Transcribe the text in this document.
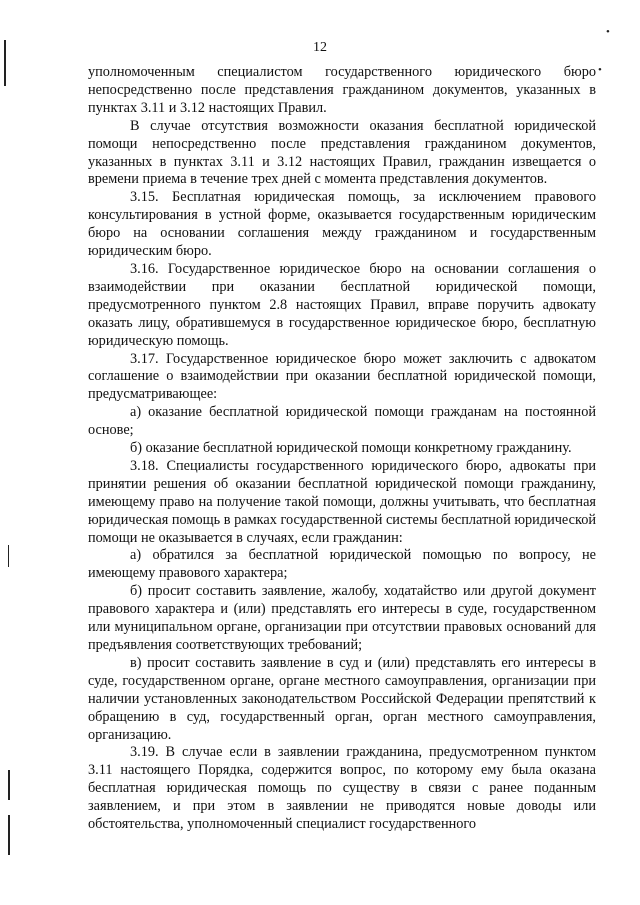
12

уполномоченным специалистом государственного юридического бюро непосредственно после представления гражданином документов, указанных в пунктах 3.11 и 3.12 настоящих Правил.

В случае отсутствия возможности оказания бесплатной юридической помощи непосредственно после представления гражданином документов, указанных в пунктах 3.11 и 3.12 настоящих Правил, гражданин извещается о времени приема в течение трех дней с момента представления документов.

3.15. Бесплатная юридическая помощь, за исключением правового консультирования в устной форме, оказывается государственным юридическим бюро на основании соглашения между гражданином и государственным юридическим бюро.

3.16. Государственное юридическое бюро на основании соглашения о взаимодействии при оказании бесплатной юридической помощи, предусмотренного пунктом 2.8 настоящих Правил, вправе поручить адвокату оказать лицу, обратившемуся в государственное юридическое бюро, бесплатную юридическую помощь.

3.17. Государственное юридическое бюро может заключить с адвокатом соглашение о взаимодействии при оказании бесплатной юридической помощи, предусматривающее:

а) оказание бесплатной юридической помощи гражданам на постоянной основе;

б) оказание бесплатной юридической помощи конкретному гражданину.

3.18. Специалисты государственного юридического бюро, адвокаты при принятии решения об оказании бесплатной юридической помощи гражданину, имеющему право на получение такой помощи, должны учитывать, что бесплатная юридическая помощь в рамках государственной системы бесплатной юридической помощи не оказывается в случаях, если гражданин:

а) обратился за бесплатной юридической помощью по вопросу, не имеющему правового характера;

б) просит составить заявление, жалобу, ходатайство или другой документ правового характера и (или) представлять его интересы в суде, государственном или муниципальном органе, организации при отсутствии правовых оснований для предъявления соответствующих требований;

в) просит составить заявление в суд и (или) представлять его интересы в суде, государственном органе, органе местного самоуправления, организации при наличии установленных законодательством Российской Федерации препятствий к обращению в суд, государственный орган, орган местного самоуправления, организацию.

3.19. В случае если в заявлении гражданина, предусмотренном пунктом 3.11 настоящего Порядка, содержится вопрос, по которому ему была оказана бесплатная юридическая помощь по существу в связи с ранее поданным заявлением, и при этом в заявлении не приводятся новые доводы или обстоятельства, уполномоченный специалист государственного

•
•
